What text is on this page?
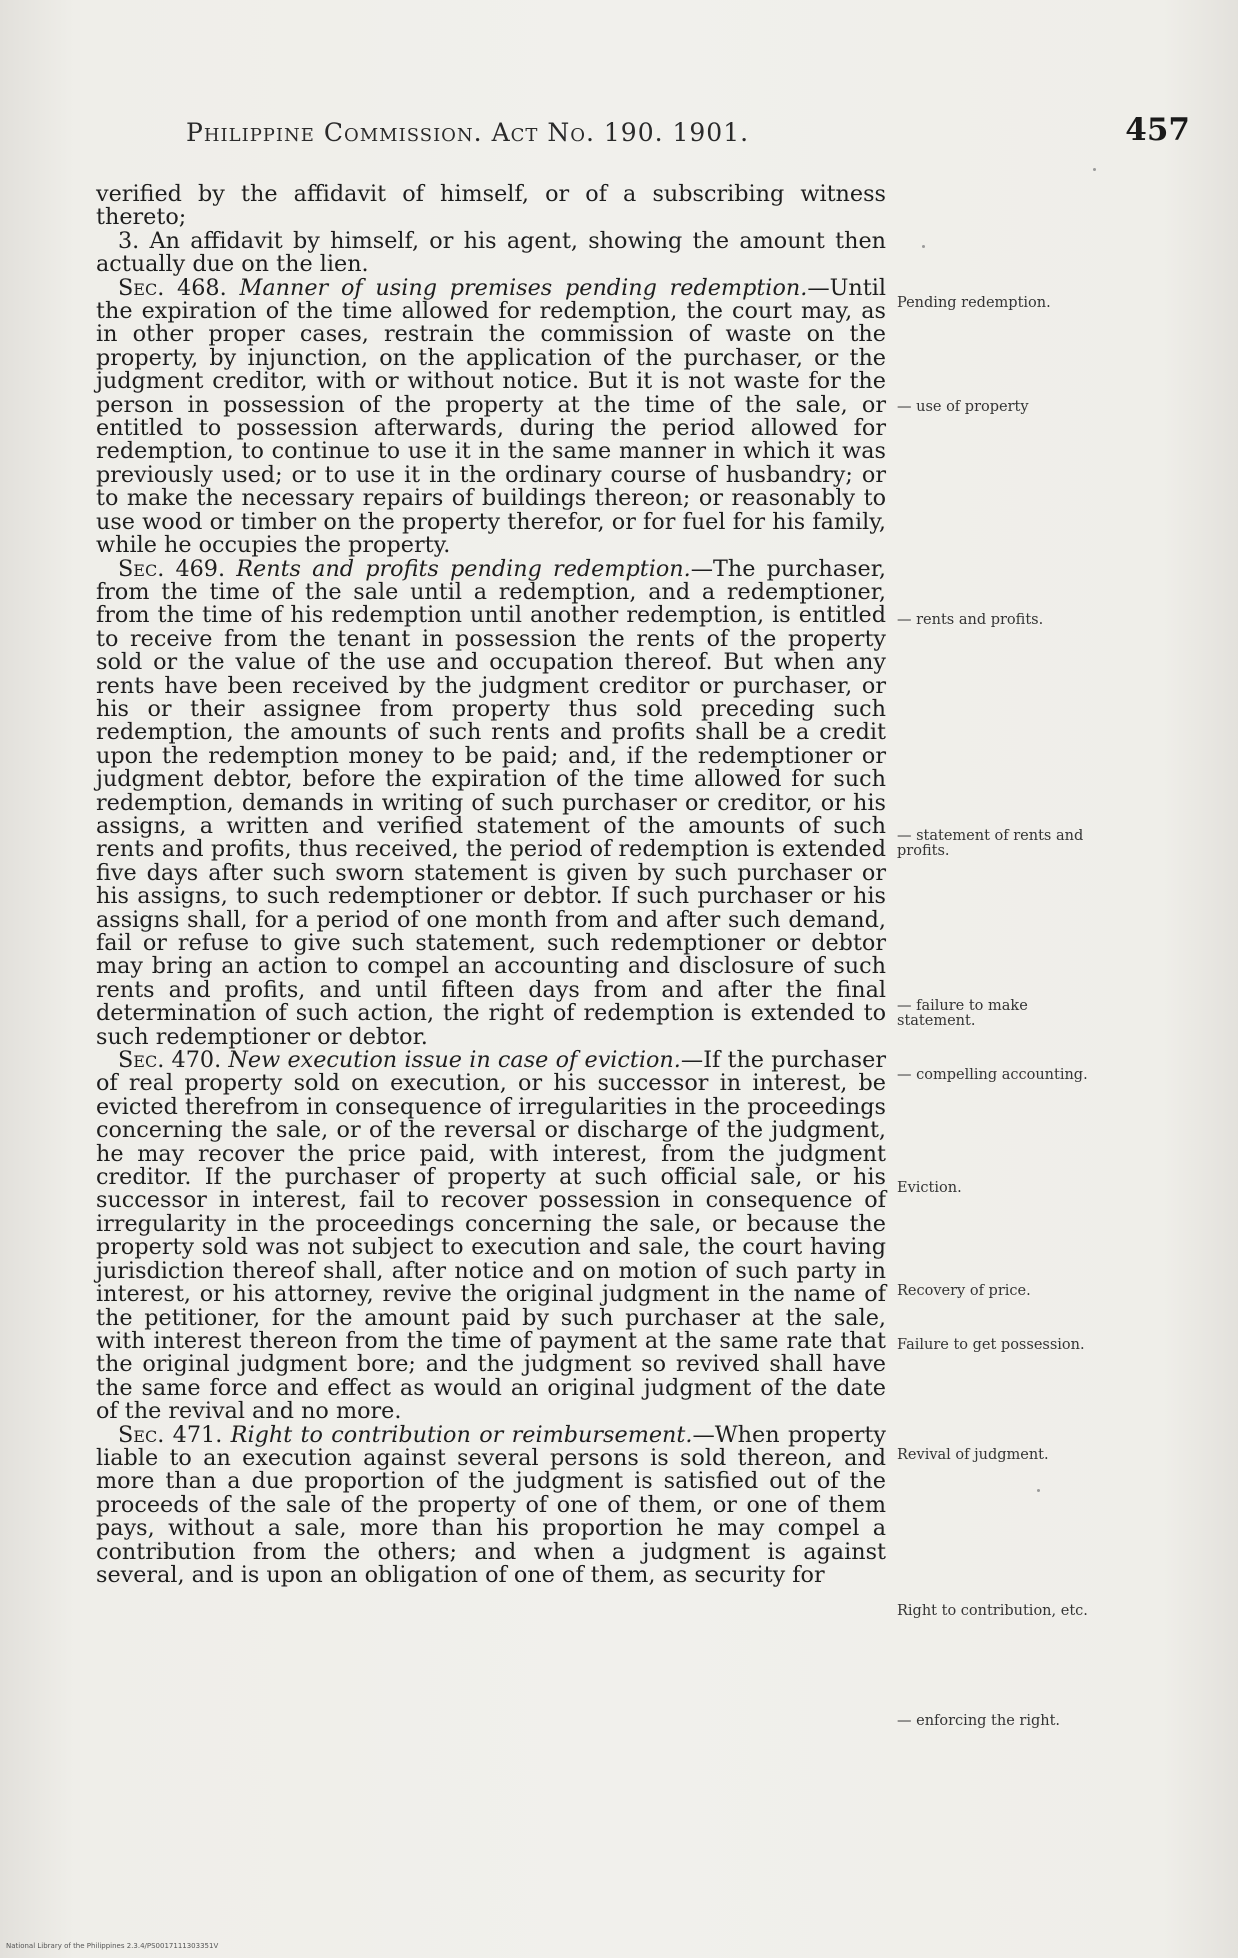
Philippine Commission. Act No. 190. 1901.	457

verified by the affidavit of himself, or of a subscribing witness thereto;

3. An affidavit by himself, or his agent, showing the amount then actually due on the lien.

Sec. 468. Manner of using premises pending redemption.—Until the expiration of the time allowed for redemption, the court may, as in other proper cases, restrain the commission of waste on the property, by injunction, on the application of the purchaser, or the judgment creditor, with or without notice. But it is not waste for the person in possession of the property at the time of the sale, or entitled to possession afterwards, during the period allowed for redemption, to continue to use it in the same manner in which it was previously used; or to use it in the ordinary course of husbandry; or to make the necessary repairs of buildings thereon; or reasonably to use wood or timber on the property therefor, or for fuel for his family, while he occupies the property.

Sec. 469. Rents and profits pending redemption.—The purchaser, from the time of the sale until a redemption, and a redemptioner, from the time of his redemption until another redemption, is entitled to receive from the tenant in possession the rents of the property sold or the value of the use and occupation thereof. But when any rents have been received by the judgment creditor or purchaser, or his or their assignee from property thus sold preceding such redemption, the amounts of such rents and profits shall be a credit upon the redemption money to be paid; and, if the redemptioner or judgment debtor, before the expiration of the time allowed for such redemption, demands in writing of such purchaser or creditor, or his assigns, a written and verified statement of the amounts of such rents and profits, thus received, the period of redemption is extended five days after such sworn statement is given by such purchaser or his assigns, to such redemptioner or debtor. If such purchaser or his assigns shall, for a period of one month from and after such demand, fail or refuse to give such statement, such redemptioner or debtor may bring an action to compel an accounting and disclosure of such rents and profits, and until fifteen days from and after the final determination of such action, the right of redemption is extended to such redemptioner or debtor.

Sec. 470. New execution issue in case of eviction.—If the purchaser of real property sold on execution, or his successor in interest, be evicted therefrom in consequence of irregularities in the proceedings concerning the sale, or of the reversal or discharge of the judgment, he may recover the price paid, with interest, from the judgment creditor. If the purchaser of property at such official sale, or his successor in interest, fail to recover possession in consequence of irregularity in the proceedings concerning the sale, or because the property sold was not subject to execution and sale, the court having jurisdiction thereof shall, after notice and on motion of such party in interest, or his attorney, revive the original judgment in the name of the petitioner, for the amount paid by such purchaser at the sale, with interest thereon from the time of payment at the same rate that the original judgment bore; and the judgment so revived shall have the same force and effect as would an original judgment of the date of the revival and no more.

Sec. 471. Right to contribution or reimbursement.—When property liable to an execution against several persons is sold thereon, and more than a due proportion of the judgment is satisfied out of the proceeds of the sale of the property of one of them, or one of them pays, without a sale, more than his proportion he may compel a contribution from the others; and when a judgment is against several, and is upon an obligation of one of them, as security for

Pending redemption.
— use of property
— rents and profits.
— statement of rents and profits.
— failure to make statement.
— compelling accounting.
Eviction.
Recovery of price.
Failure to get possession.
Revival of judgment.
Right to contribution, etc.
— enforcing the right.
National Library of the Philippines 2.3.4/PS0017111303351V
